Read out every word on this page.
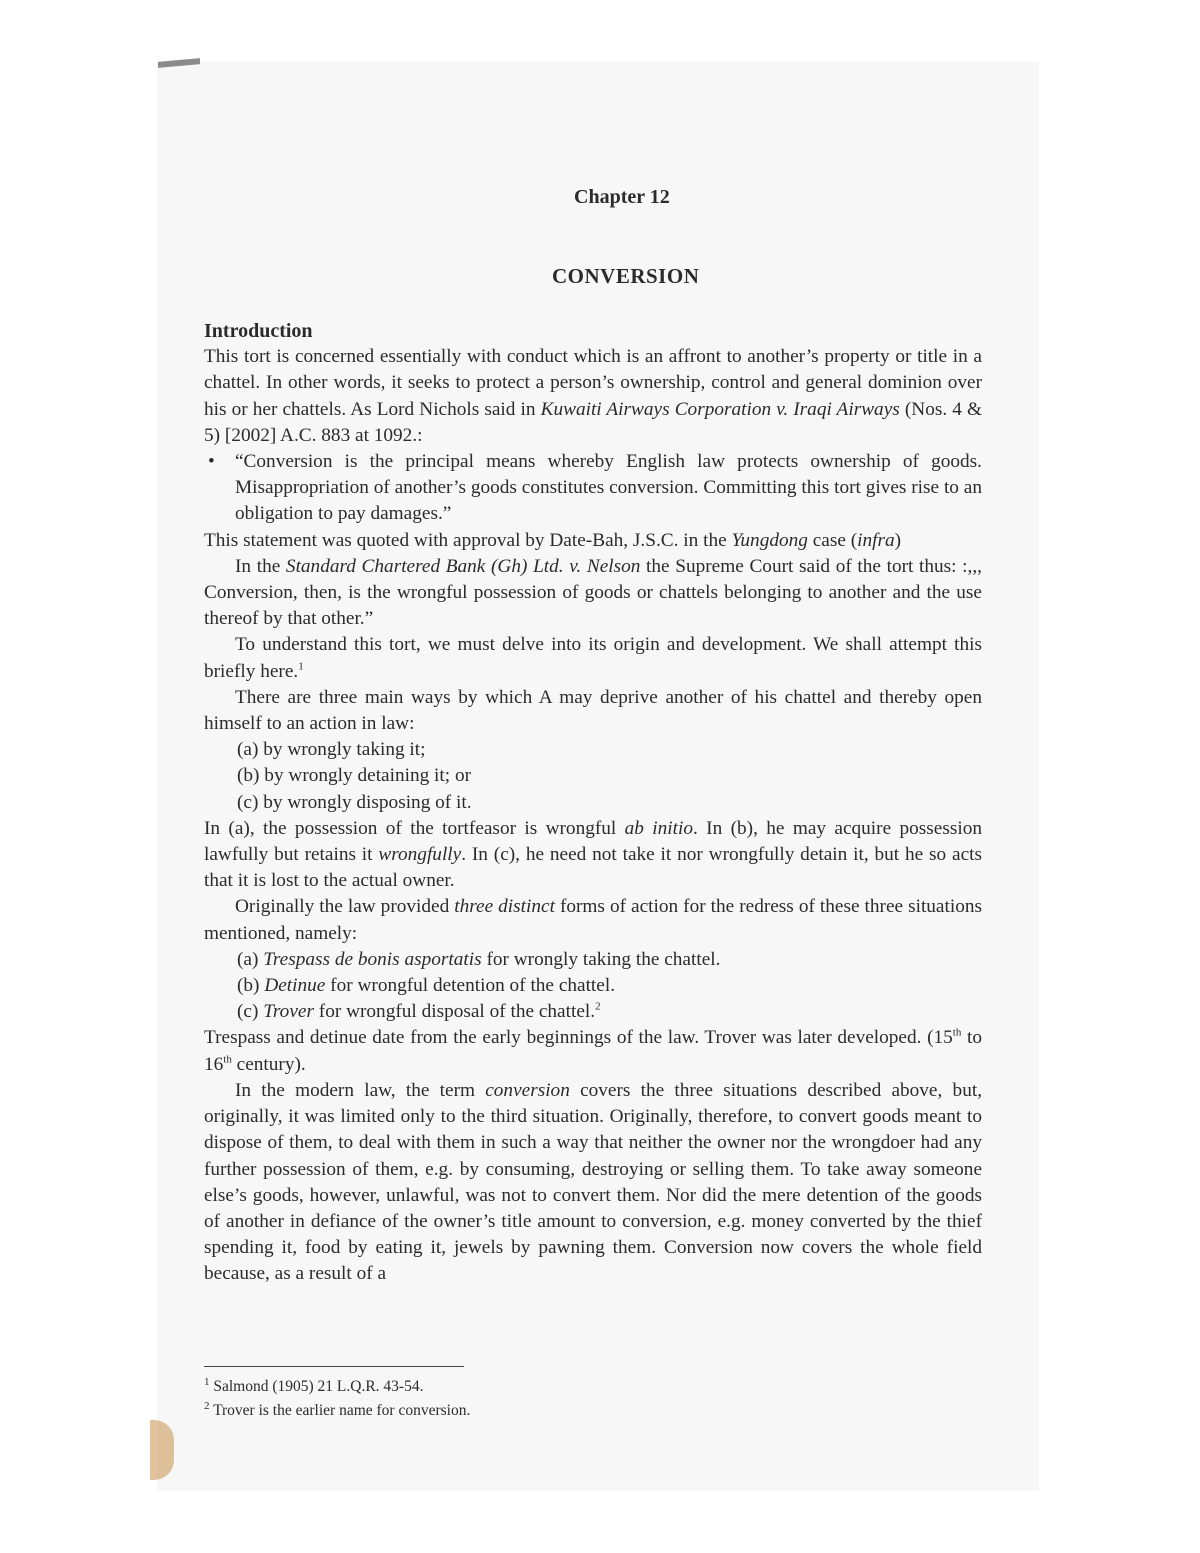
Chapter 12
CONVERSION

Introduction

This tort is concerned essentially with conduct which is an affront to another’s property or title in a chattel. In other words, it seeks to protect a person’s ownership, control and general dominion over his or her chattels. As Lord Nichols said in Kuwaiti Airways Corporation v. Iraqi Airways (Nos. 4 & 5) [2002] A.C. 883 at 1092.:

• “Conversion is the principal means whereby English law protects ownership of goods. Misappropriation of another’s goods constitutes conversion. Committing this tort gives rise to an obligation to pay damages.”

This statement was quoted with approval by Date-Bah, J.S.C. in the Yungdong case (infra)

In the Standard Chartered Bank (Gh) Ltd. v. Nelson the Supreme Court said of the tort thus: :,,, Conversion, then, is the wrongful possession of goods or chattels belonging to another and the use thereof by that other.”

To understand this tort, we must delve into its origin and development. We shall attempt this briefly here.$^1$

There are three main ways by which A may deprive another of his chattel and thereby open himself to an action in law:

(a) by wrongly taking it;
(b) by wrongly detaining it; or
(c) by wrongly disposing of it.

In (a), the possession of the tortfeasor is wrongful ab initio. In (b), he may acquire possession lawfully but retains it wrongfully. In (c), he need not take it nor wrongfully detain it, but he so acts that it is lost to the actual owner.

Originally the law provided three distinct forms of action for the redress of these three situations mentioned, namely:

(a) Trespass de bonis asportatis for wrongly taking the chattel.
(b) Detinue for wrongful detention of the chattel.
(c) Trover for wrongful disposal of the chattel.$^2$

Trespass and detinue date from the early beginnings of the law. Trover was later developed. (15th to 16th century).

In the modern law, the term conversion covers the three situations described above, but, originally, it was limited only to the third situation. Originally, therefore, to convert goods meant to dispose of them, to deal with them in such a way that neither the owner nor the wrongdoer had any further possession of them, e.g. by consuming, destroying or selling them. To take away someone else’s goods, however, unlawful, was not to convert them. Nor did the mere detention of the goods of another in defiance of the owner’s title amount to conversion, e.g. money converted by the thief spending it, food by eating it, jewels by pawning them. Conversion now covers the whole field because, as a result of a

$^1$ Salmond (1905) 21 L.Q.R. 43-54.
$^2$ Trover is the earlier name for conversion.
